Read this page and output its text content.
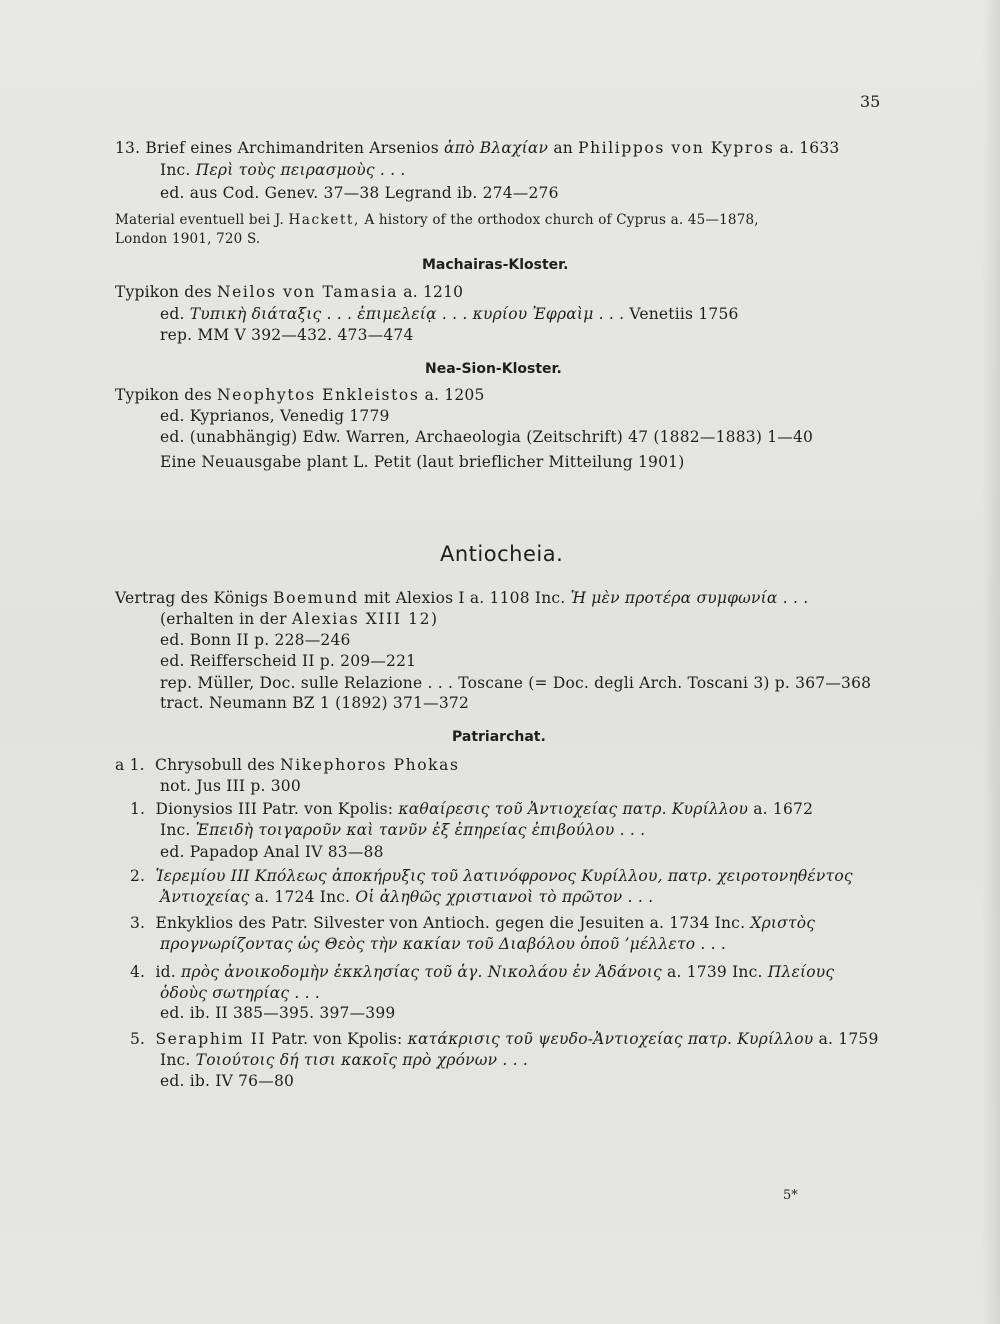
35
13. Brief eines Archimandriten Arsenios ἀπὸ Βλαχίαν an Philippos von Kypros a. 1633
Inc. Περὶ τοὺς πειρασμοὺς . . .
ed. aus Cod. Genev. 37—38 Legrand ib. 274—276
Material eventuell bei J. Hackett, A history of the orthodox church of Cyprus a. 45—1878,
London 1901, 720 S.
Machairas-Kloster.
Typikon des Neilos von Tamasia a. 1210
ed. Τυπικὴ διάταξις . . . ἐπιμελείᾳ . . . κυρίου Ἐφραὶμ . . . Venetiis 1756
rep. MM V 392—432. 473—474
Nea-Sion-Kloster.
Typikon des Neophytos Enkleistos a. 1205
ed. Kyprianos, Venedig 1779
ed. (unabhängig) Edw. Warren, Archaeologia (Zeitschrift) 47 (1882—1883) 1—40
Eine Neuausgabe plant L. Petit (laut brieflicher Mitteilung 1901)
Antiocheia.
Vertrag des Königs Boemund mit Alexios I a. 1108 Inc. Ἡ μὲν προτέρα συμφωνία . . .
(erhalten in der Alexias XIII 12)
ed. Bonn II p. 228—246
ed. Reifferscheid II p. 209—221
rep. Müller, Doc. sulle Relazione . . . Toscane (= Doc. degli Arch. Toscani 3) p. 367—368
tract. Neumann BZ 1 (1892) 371—372
Patriarchat.
a 1. Chrysobull des Nikephoros Phokas
not. Jus III p. 300
1. Dionysios III Patr. von Kpolis: καθαίρεσις τοῦ Ἀντιοχείας πατρ. Κυρίλλου a. 1672
Inc. Ἐπειδὴ τοιγαροῦν καὶ τανῦν ἐξ ἐπηρείας ἐπιβούλου . . .
ed. Papadop Anal IV 83—88
2. Ἱερεμίου III Κπόλεως ἀποκήρυξις τοῦ λατινόφρονος Κυρίλλου, πατρ. χειροτονηθέντος
Ἀντιοχείας a. 1724 Inc. Οἱ ἀληθῶς χριστιανοὶ τὸ πρῶτον . . .
3. Enkyklios des Patr. Silvester von Antioch. gegen die Jesuiten a. 1734 Inc. Χριστὸς
προγνωρίζοντας ὡς Θεὸς τὴν κακίαν τοῦ Διαβόλου ὁποῦ ’μέλλετο . . .
4. id. πρὸς ἀνοικοδομὴν ἐκκλησίας τοῦ ἁγ. Νικολάου ἐν Ἀδάνοις a. 1739 Inc. Πλείους
ὁδοὺς σωτηρίας . . .
ed. ib. II 385—395. 397—399
5. Seraphim II Patr. von Kpolis: κατάκρισις τοῦ ψευδο-Ἀντιοχείας πατρ. Κυρίλλου a. 1759
Inc. Τοιούτοις δή τισι κακοῖς πρὸ χρόνων . . .
ed. ib. IV 76—80
5*
